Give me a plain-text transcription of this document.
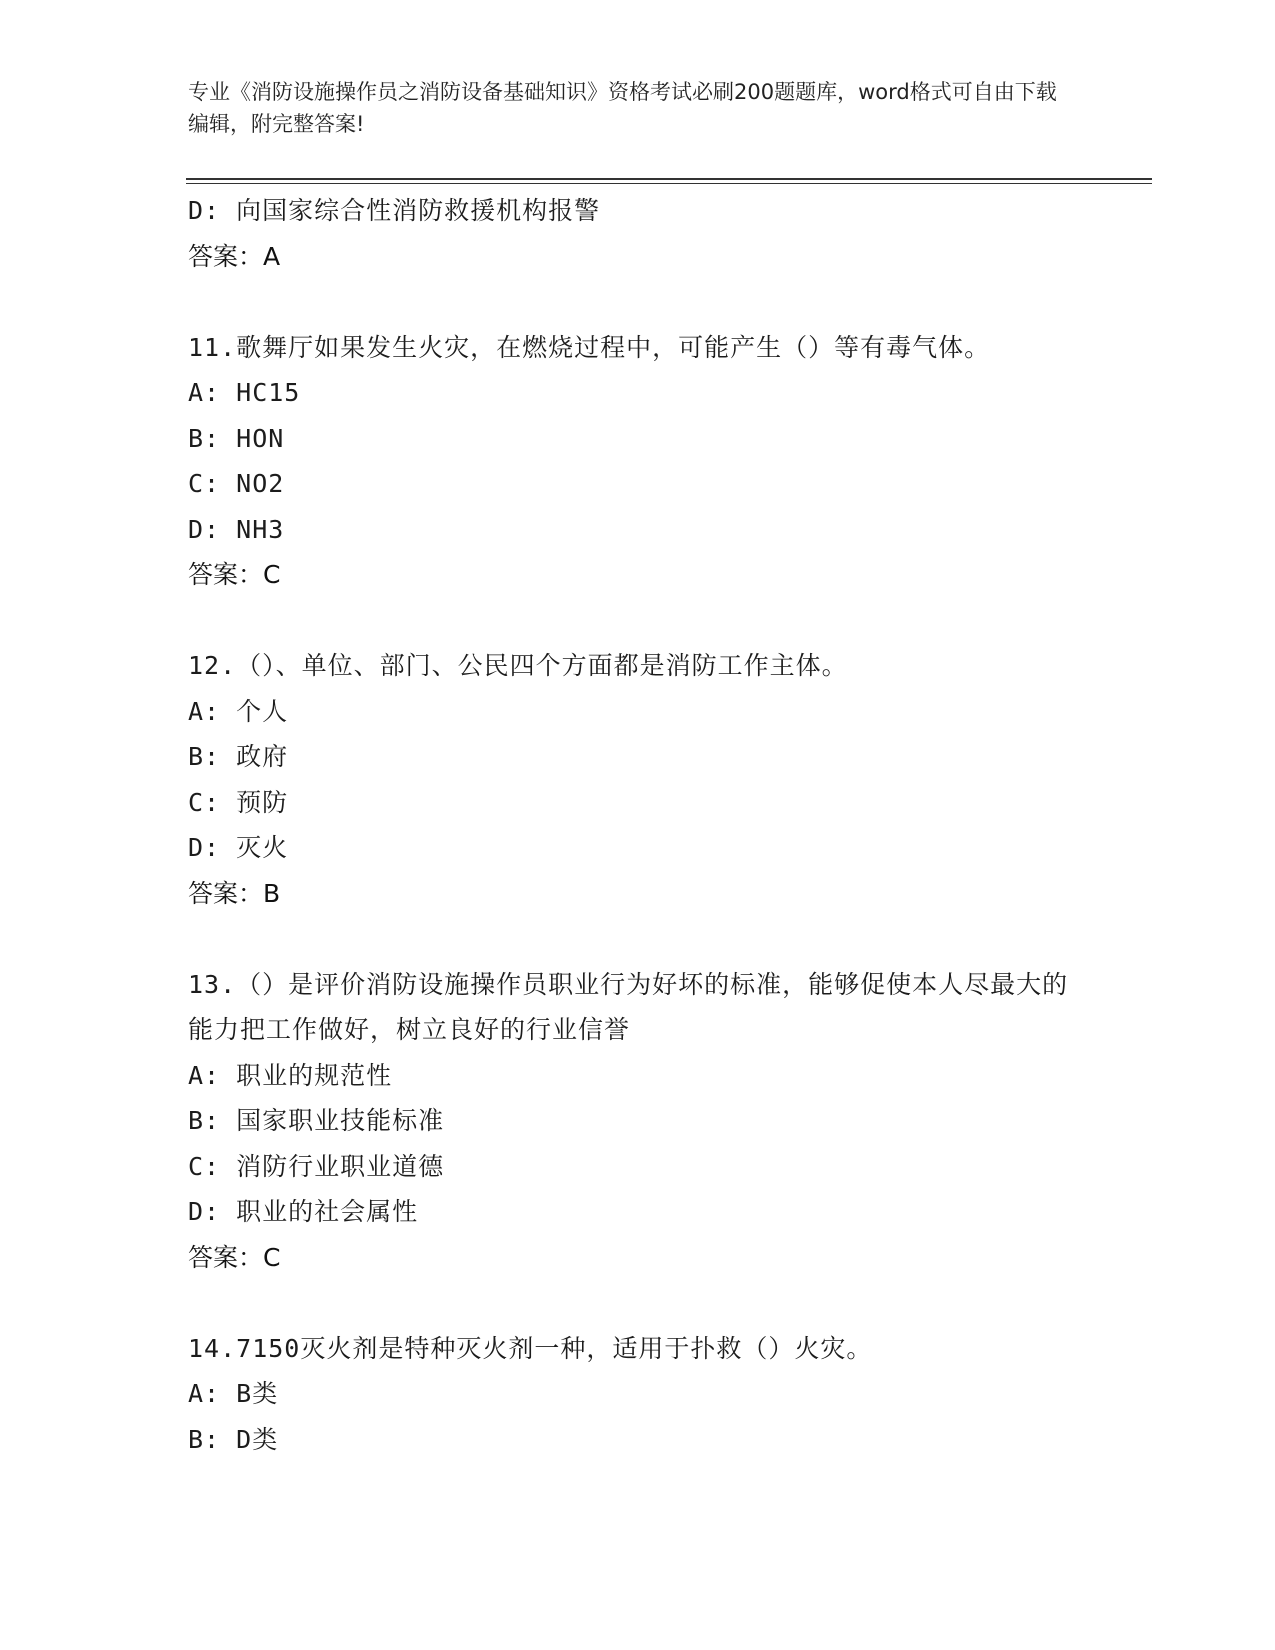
专业《消防设施操作员之消防设备基础知识》资格考试必刷200题题库，word格式可自由下载编辑，附完整答案!
D: 向国家综合性消防救援机构报警
答案：A
11.歌舞厅如果发生火灾，在燃烧过程中，可能产生（）等有毒气体。
A: HC15
B: HON
C: NO2
D: NH3
答案：C
12.（）、单位、部门、公民四个方面都是消防工作主体。
A: 个人
B: 政府
C: 预防
D: 灭火
答案：B
13.（）是评价消防设施操作员职业行为好坏的标准，能够促使本人尽最大的能力把工作做好，树立良好的行业信誉
A: 职业的规范性
B: 国家职业技能标准
C: 消防行业职业道德
D: 职业的社会属性
答案：C
14.7150灭火剂是特种灭火剂一种，适用于扑救（）火灾。
A: B类
B: D类
